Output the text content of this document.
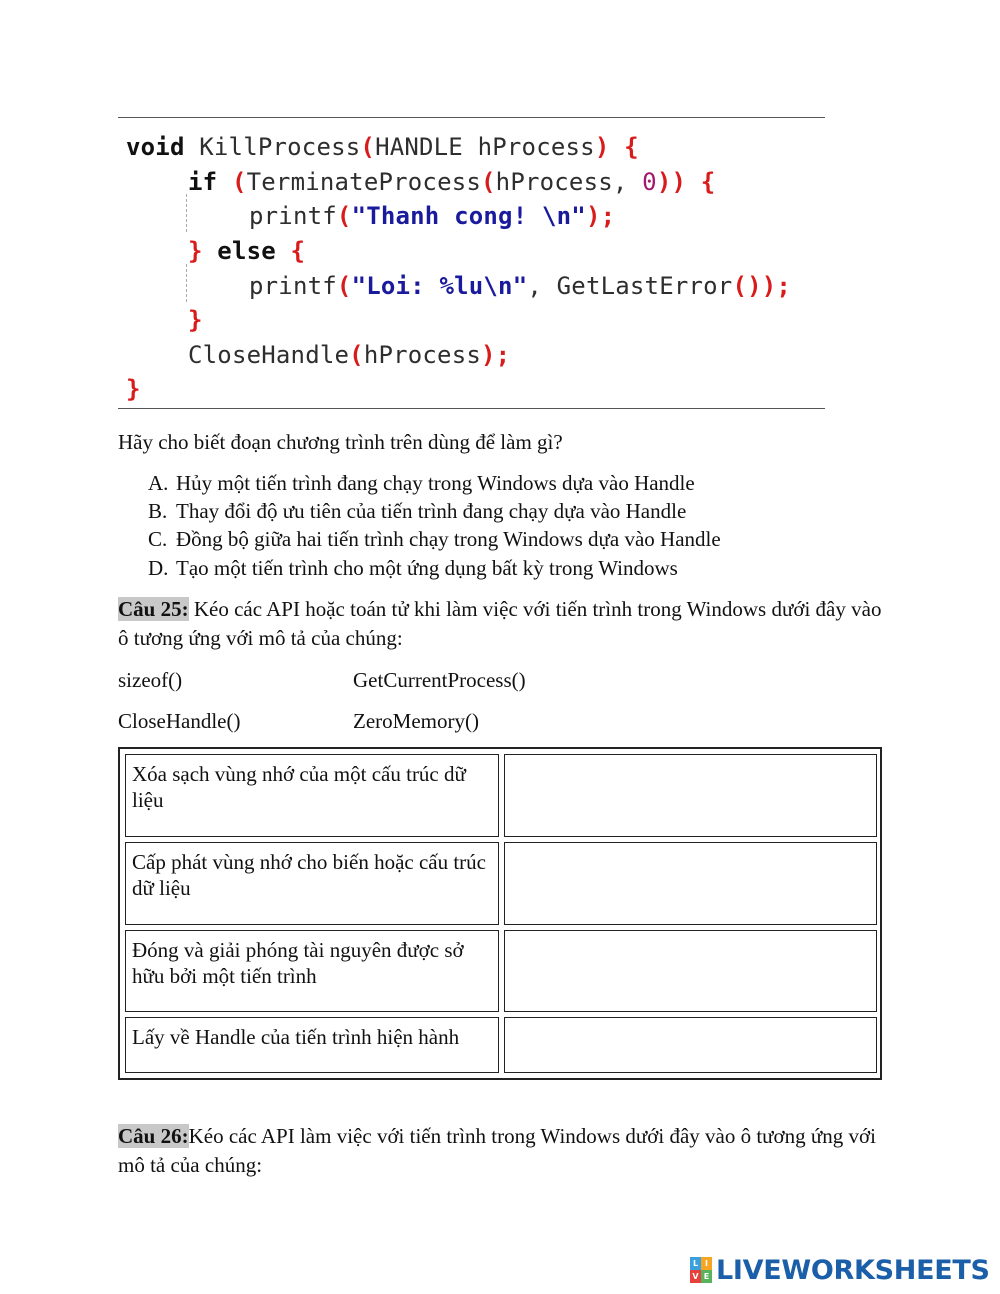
void KillProcess(HANDLE hProcess) {
if (TerminateProcess(hProcess, 0)) {
printf("Thanh cong! \n");
} else {
printf("Loi: %lu\n", GetLastError());
}
CloseHandle(hProcess);
}
Hãy cho biết đoạn chương trình trên dùng để làm gì?
A. Hủy một tiến trình đang chạy trong Windows dựa vào Handle
B. Thay đổi độ ưu tiên của tiến trình đang chạy dựa vào Handle
C. Đồng bộ giữa hai tiến trình chạy trong Windows dựa vào Handle
D. Tạo một tiến trình cho một ứng dụng bất kỳ trong Windows
Câu 25: Kéo các API hoặc toán tử khi làm việc với tiến trình trong Windows dưới đây vào ô tương ứng với mô tả của chúng:
sizeof()	GetCurrentProcess()
CloseHandle()	ZeroMemory()
Xóa sạch vùng nhớ của một cấu trúc dữ liệu
Cấp phát vùng nhớ cho biến hoặc cấu trúc dữ liệu
Đóng và giải phóng tài nguyên được sở hữu bởi một tiến trình
Lấy về Handle của tiến trình hiện hành
Câu 26:Kéo các API làm việc với tiến trình trong Windows dưới đây vào ô tương ứng với mô tả của chúng:
L I
V E LIVEWORKSHEETS
